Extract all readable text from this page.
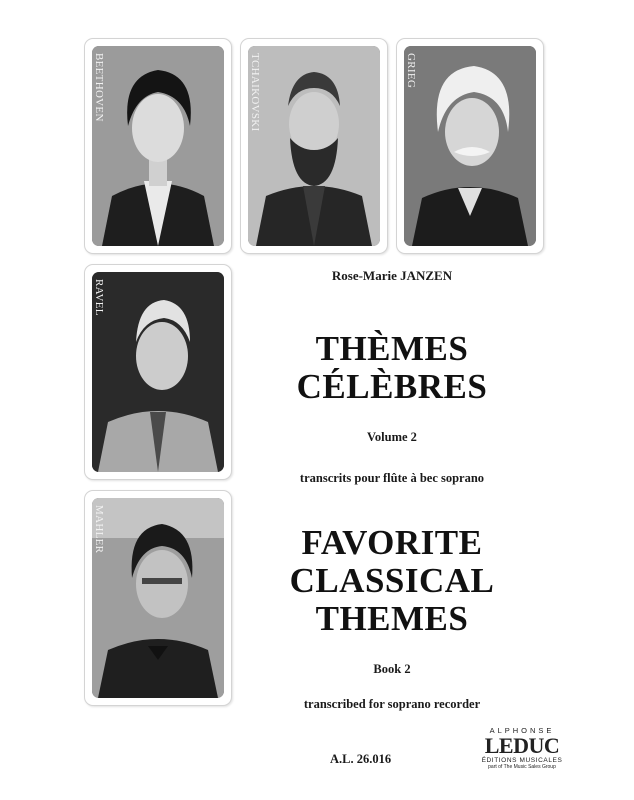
BEETHOVEN	TCHAIKOVSKI	GRIEG
RAVEL
MAHLER
Rose-Marie JANZEN
THÈMES
CÉLÈBRES
Volume 2
transcrits pour flûte à bec soprano
FAVORITE
CLASSICAL
THEMES
Book 2
transcribed for soprano recorder
A.L. 26.016
ALPHONSE
LEDUC
ÉDITIONS MUSICALES
part of The Music Sales Group
